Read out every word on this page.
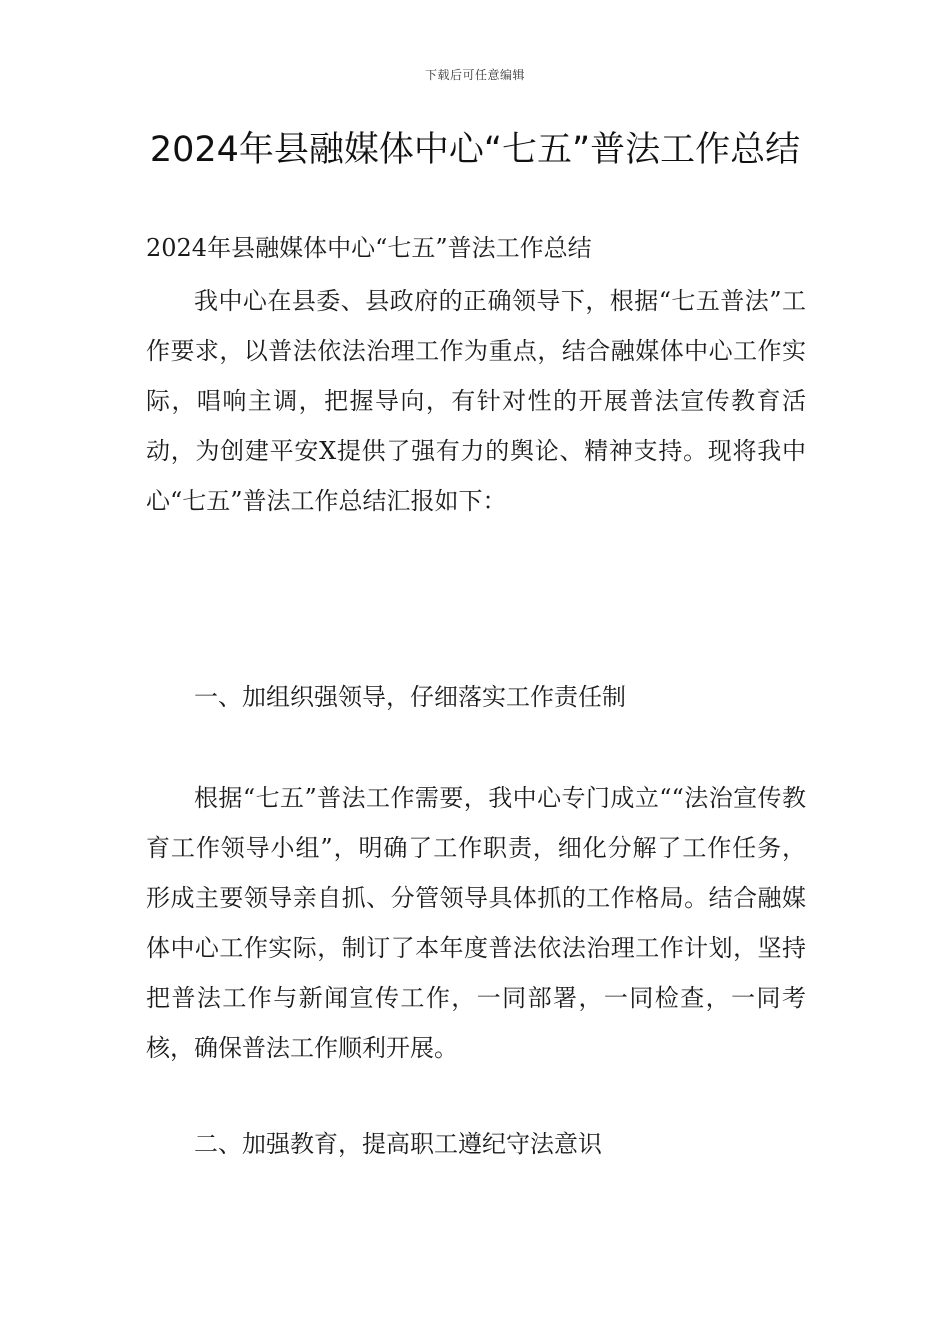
下载后可任意编辑
2024年县融媒体中心“七五”普法工作总结

2024年县融媒体中心“七五”普法工作总结

我中心在县委、县政府的正确领导下，根据“七五普法”工作要求，以普法依法治理工作为重点，结合融媒体中心工作实际，唱响主调，把握导向，有针对性的开展普法宣传教育活动，为创建平安X提供了强有力的舆论、精神支持。现将我中心“七五”普法工作总结汇报如下：

一、加组织强领导，仔细落实工作责任制

根据“七五”普法工作需要，我中心专门成立““法治宣传教育工作领导小组”，明确了工作职责，细化分解了工作任务，形成主要领导亲自抓、分管领导具体抓的工作格局。结合融媒体中心工作实际，制订了本年度普法依法治理工作计划，坚持把普法工作与新闻宣传工作，一同部署，一同检查，一同考核，确保普法工作顺利开展。

二、加强教育，提高职工遵纪守法意识
